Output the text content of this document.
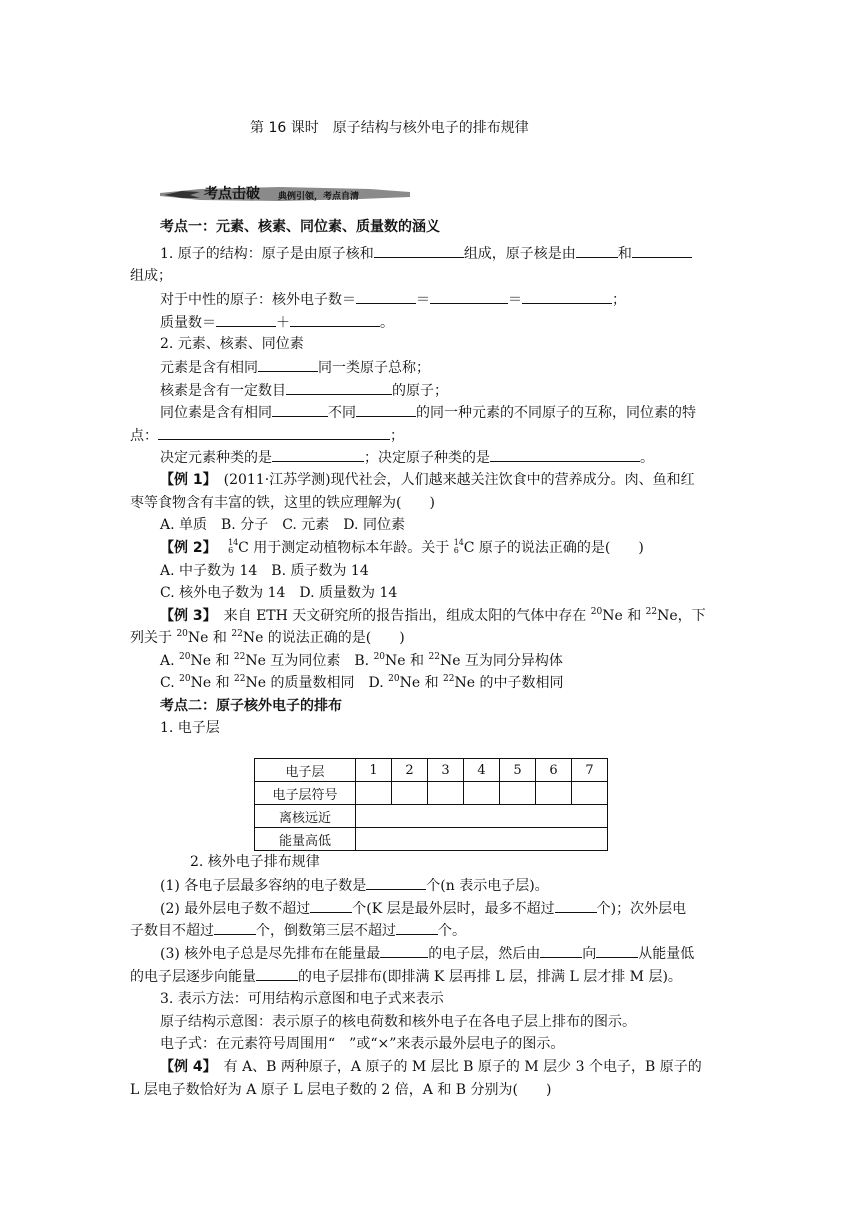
第 16 课时 原子结构与核外电子的排布规律
考点击破 典例引领，考点自清
考点一：元素、核素、同位素、质量数的涵义
1. 原子的结构：原子是由原子核和	组成，原子核是由	和
组成；
对于中性的原子：核外电子数＝	＝	＝	；
质量数＝	＋	。
2. 元素、核素、同位素
元素是含有相同	同一类原子总称；
核素是含有一定数目	的原子；
同位素是含有相同	不同	的同一种元素的不同原子的互称，同位素的特
点：	；
决定元素种类的是	；决定原子种类的是	。
【例 1】　 (2011·江苏学测)现代社会，人们越来越关注饮食中的营养成分。肉、鱼和红
枣等食物含有丰富的铁，这里的铁应理解为(　　)
A. 单质　B. 分子　C. 元素　D. 同位素
【例 2】　 14
6 C 用于测定动植物标本年龄。关于 14
6 C 原子的说法正确的是(　　)
A. 中子数为 14　B. 质子数为 14
C. 核外电子数为 14　D. 质量数为 14
【例 3】　 来自 ETH 天文研究所的报告指出，组成太阳的气体中存在 $^{20}$Ne 和 $^{22}$Ne，下
列关于 $^{20}$Ne 和 $^{22}$Ne 的说法正确的是(　　)
A. $^{20}$Ne 和 $^{22}$Ne 互为同位素　B. $^{20}$Ne 和 $^{22}$Ne 互为同分异构体
C. $^{20}$Ne 和 $^{22}$Ne 的质量数相同　D. $^{20}$Ne 和 $^{22}$Ne 的中子数相同
考点二：原子核外电子的排布
1. 电子层
电子层	1	2	3	4	5	6	7
电子层符号							
离核远近							
能量高低							
2. 核外电子排布规律
(1) 各电子层最多容纳的电子数是	个(n 表示电子层)。
(2) 最外层电子数不超过	个(K 层是最外层时，最多不超过	个)；次外层电
子数目不超过	个，倒数第三层不超过	个。
(3) 核外电子总是尽先排布在能量最	的电子层，然后由	向	从能量低
的电子层逐步向能量	的电子层排布(即排满 K 层再排 L 层，排满 L 层才排 M 层)。
3. 表示方法：可用结构示意图和电子式来表示
原子结构示意图：表示原子的核电荷数和核外电子在各电子层上排布的图示。
电子式：在元素符号周围用“　”或“×”来表示最外层电子的图示。
【例 4】　 有 A、B 两种原子，A 原子的 M 层比 B 原子的 M 层少 3 个电子，B 原子的
L 层电子数恰好为 A 原子 L 层电子数的 2 倍，A 和 B 分别为(　　)
